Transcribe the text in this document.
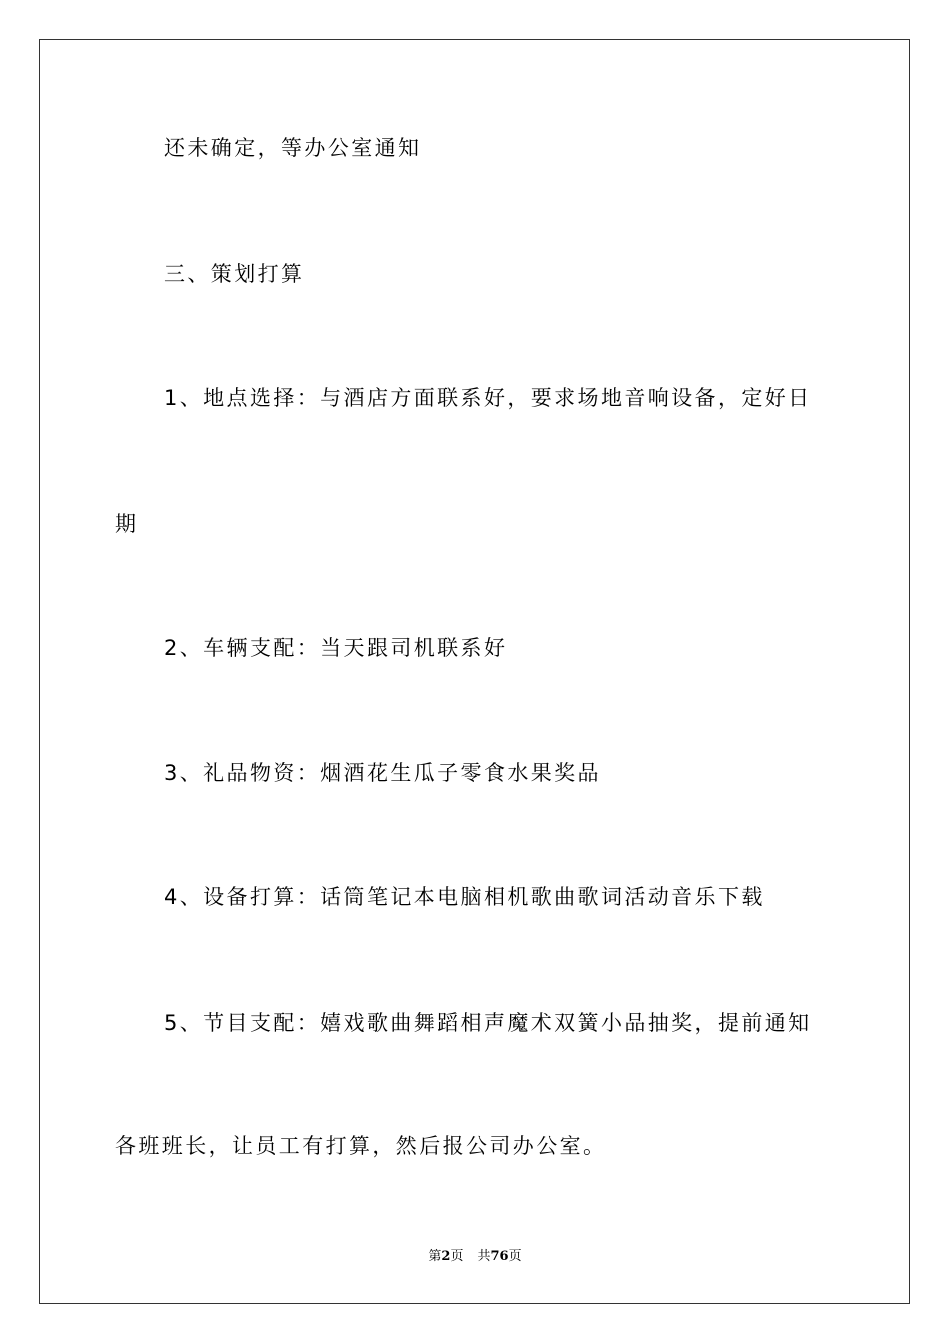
还未确定，等办公室通知
三、策划打算
1、地点选择：与酒店方面联系好，要求场地音响设备，定好日
期
2、车辆支配：当天跟司机联系好
3、礼品物资：烟酒花生瓜子零食水果奖品
4、设备打算：话筒笔记本电脑相机歌曲歌词活动音乐下载
5、节目支配：嬉戏歌曲舞蹈相声魔术双簧小品抽奖，提前通知
各班班长，让员工有打算，然后报公司办公室。
第2页 共76页
